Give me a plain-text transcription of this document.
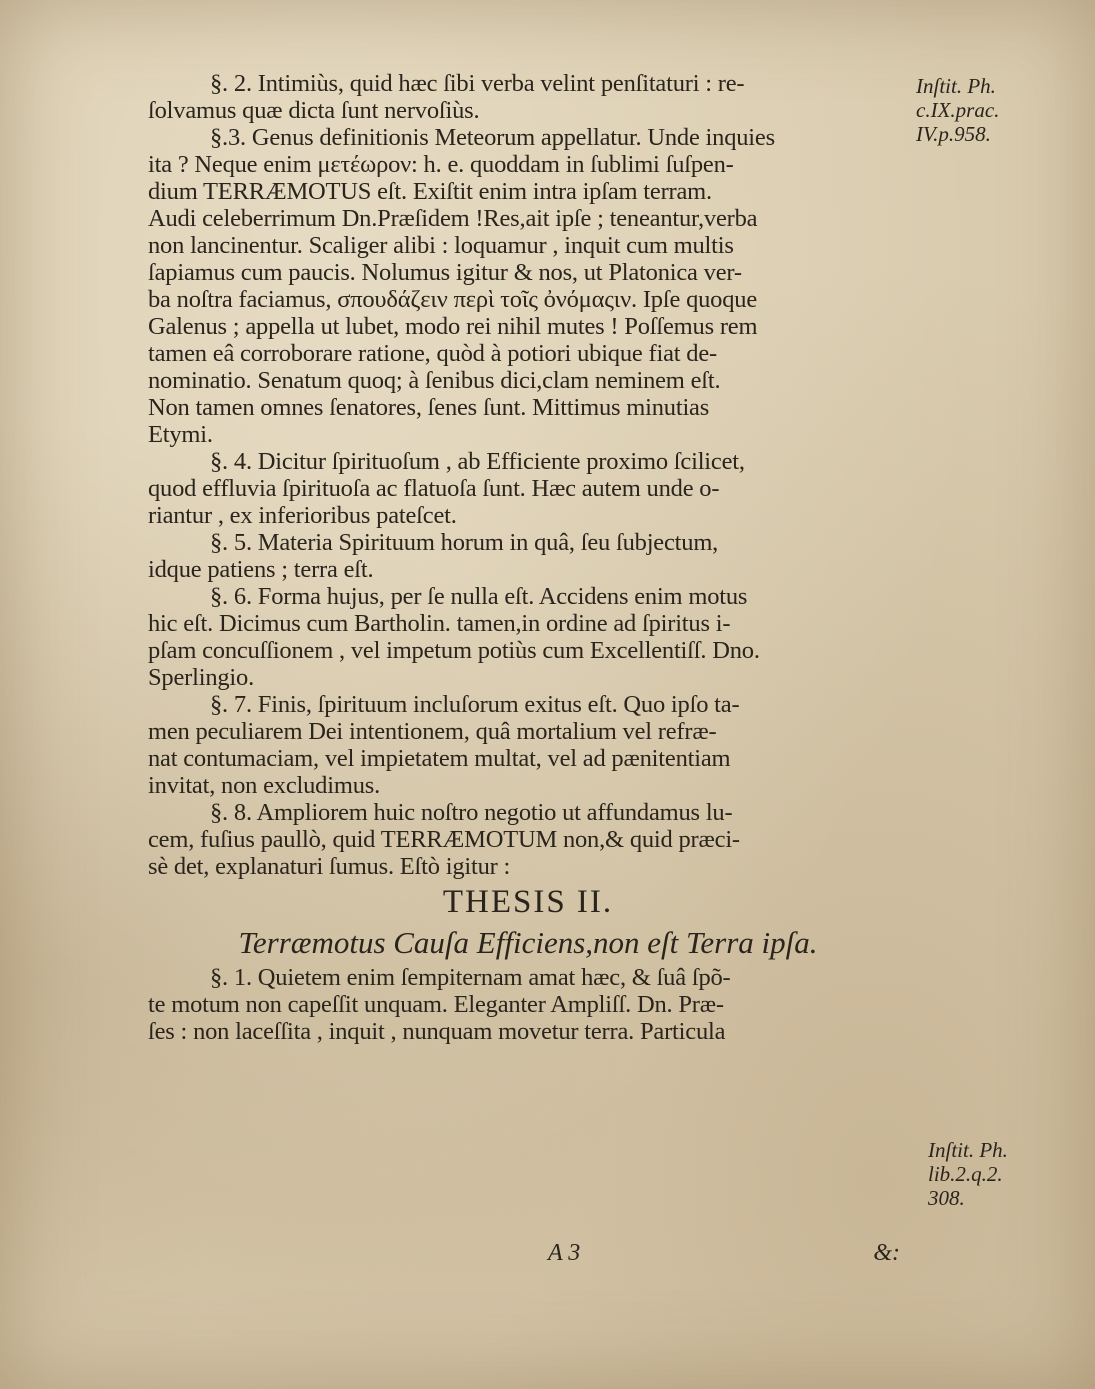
§. 2. Intimiùs, quid hæc ſibi verba velint penſitaturi : re-
ſolvamus quæ dicta ſunt nervoſiùs.
§.3. Genus definitionis Meteorum appellatur. Unde inquies
ita ? Neque enim μετέωρον: h. e. quoddam in ſublimi ſuſpen-
dium TERRÆMOTUS eſt. Exiſtit enim intra ipſam terram.
Audi celeberrimum Dn.Præſidem !Res,ait ipſe ; teneantur,verba
non lancinentur. Scaliger alibi : loquamur , inquit cum multis
ſapiamus cum paucis. Nolumus igitur & nos, ut Platonica ver-
ba noſtra faciamus, σπουδάζειν περὶ τοῖς ὀνόμαςιν. Ipſe quoque
Galenus ; appella ut lubet, modo rei nihil mutes ! Poſſemus rem
tamen eâ corroborare ratione, quòd à potiori ubique fiat de-
nominatio. Senatum quoq; à ſenibus dici,clam neminem eſt.
Non tamen omnes ſenatores, ſenes ſunt. Mittimus minutias
Etymi.
§. 4. Dicitur ſpirituoſum , ab Efficiente proximo ſcilicet,
quod effluvia ſpirituoſa ac flatuoſa ſunt. Hæc autem unde o-
riantur , ex inferioribus pateſcet.
§. 5. Materia Spirituum horum in quâ, ſeu ſubjectum,
idque patiens ; terra eſt.
§. 6. Forma hujus, per ſe nulla eſt. Accidens enim motus
hic eſt. Dicimus cum Bartholin. tamen,in ordine ad ſpiritus i-
pſam concuſſionem , vel impetum potiùs cum Excellentiſſ. Dno.
Sperlingio.
§. 7. Finis, ſpirituum incluſorum exitus eſt. Quo ipſo ta-
men peculiarem Dei intentionem, quâ mortalium vel refræ-
nat contumaciam, vel impietatem multat, vel ad pænitentiam
invitat, non excludimus.
§. 8. Ampliorem huic noſtro negotio ut affundamus lu-
cem, fuſius paullò, quid TERRÆMOTUM non,& quid præci-
sè det, explanaturi ſumus. Eſtò igitur :
THESIS II.
Terræmotus Cauſa Efficiens,non eſt Terra ipſa.
§. 1. Quietem enim ſempiternam amat hæc, & ſuâ ſpõ-
te motum non capeſſit unquam. Eleganter Ampliſſ. Dn. Præ-
ſes : non laceſſita , inquit , nunquam movetur terra. Particula
Inſtit. Ph.
c.IX.prac.
IV.p.958.
Inſtit. Ph.
lib.2.q.2.
308.
A 3	&:
